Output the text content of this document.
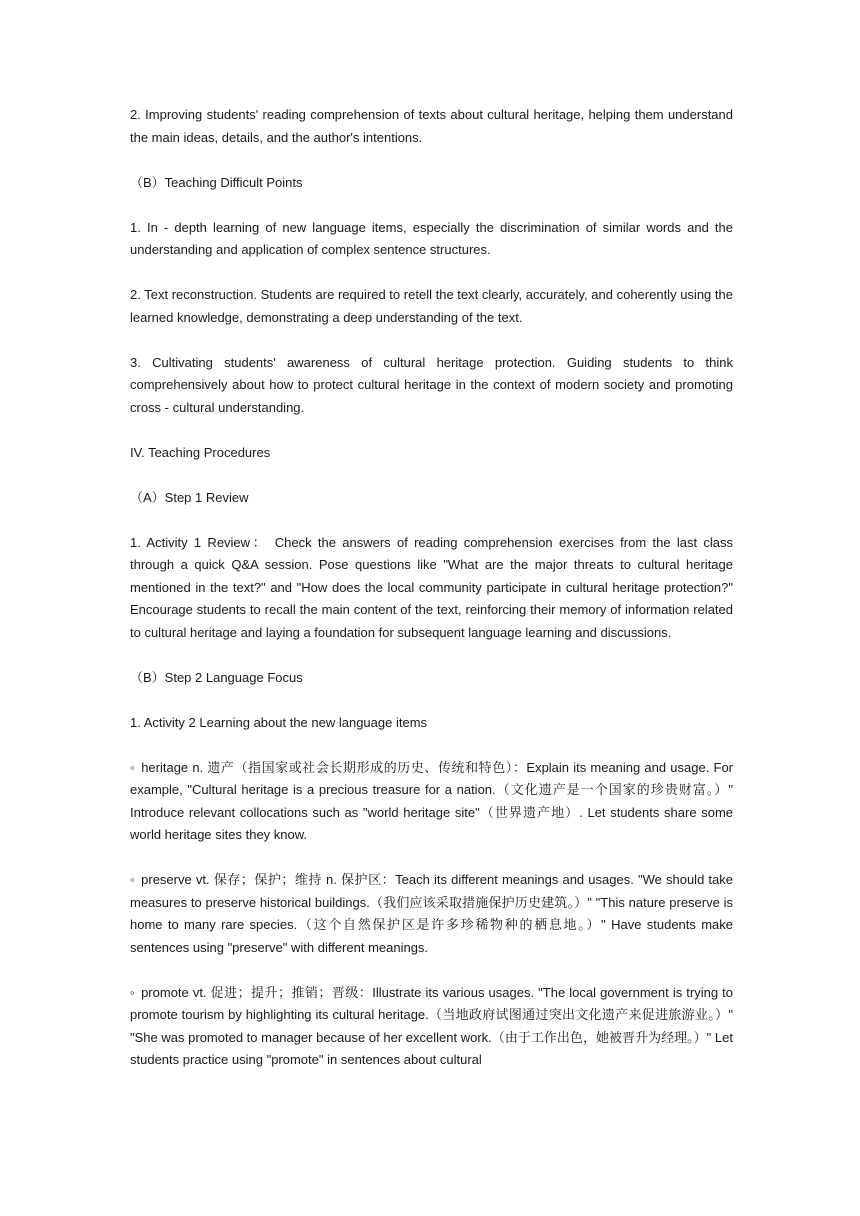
2. Improving students' reading comprehension of texts about cultural heritage, helping them understand the main ideas, details, and the author's intentions.

（B）Teaching Difficult Points

1. In - depth learning of new language items, especially the discrimination of similar words and the understanding and application of complex sentence structures.

2. Text reconstruction. Students are required to retell the text clearly, accurately, and coherently using the learned knowledge, demonstrating a deep understanding of the text.

3. Cultivating students' awareness of cultural heritage protection. Guiding students to think comprehensively about how to protect cultural heritage in the context of modern society and promoting cross - cultural understanding.

IV. Teaching Procedures

（A）Step 1 Review

1. Activity 1 Review： Check the answers of reading comprehension exercises from the last class through a quick Q&A session. Pose questions like "What are the major threats to cultural heritage mentioned in the text?" and "How does the local community participate in cultural heritage protection?" Encourage students to recall the main content of the text, reinforcing their memory of information related to cultural heritage and laying a foundation for subsequent language learning and discussions.

（B）Step 2 Language Focus

1. Activity 2 Learning about the new language items

◦ heritage n. 遗产（指国家或社会长期形成的历史、传统和特色）：Explain its meaning and usage. For example, "Cultural heritage is a precious treasure for a nation.（文化遗产是一个国家的珍贵财富。）" Introduce relevant collocations such as "world heritage site"（世界遗产地）. Let students share some world heritage sites they know.

◦ preserve vt. 保存；保护；维持 n. 保护区：Teach its different meanings and usages. "We should take measures to preserve historical buildings.（我们应该采取措施保护历史建筑。）" "This nature preserve is home to many rare species.（这个自然保护区是许多珍稀物种的栖息地。）" Have students make sentences using "preserve" with different meanings.

◦ promote vt. 促进；提升；推销；晋级：Illustrate its various usages. "The local government is trying to promote tourism by highlighting its cultural heritage.（当地政府试图通过突出文化遗产来促进旅游业。）" "She was promoted to manager because of her excellent work.（由于工作出色，她被晋升为经理。）" Let students practice using "promote" in sentences about cultural
